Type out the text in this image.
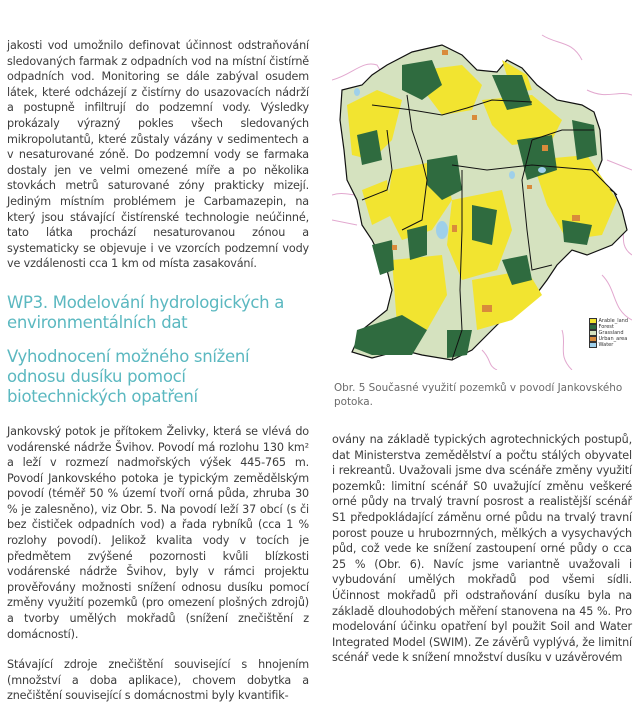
jakosti vod umožnilo definovat účinnost odstraňování sledovaných farmak z odpadních vod na místní čistírně odpadních vod. Monitoring se dále zabýval osudem látek, které odcházejí z čistírny do usazovacích nádrží a postupně infiltrují do podzemní vody. Výsledky prokázaly výrazný pokles všech sledovaných mikropolutantů, které zůstaly vázány v sedimentech a v nesaturované zóně. Do podzemní vody se farmaka dostaly jen ve velmi omezené míře a po několika stovkách metrů saturované zóny prakticky mizejí. Jediným místním problémem je Carbamazepin, na který jsou stávající čistírenské technologie neúčinné, tato látka prochází nesaturovanou zónou a systematicky se objevuje i ve vzorcích podzemní vody ve vzdálenosti cca 1 km od místa zasakování.

WP3. Modelování hydrologických a environmentálních dat
Vyhodnocení možného snížení odnosu dusíku pomocí biotechnických opatření

Jankovský potok je přítokem Želivky, která se vlévá do vodárenské nádrže Švihov. Povodí má rozlohu 130 km² a leží v rozmezí nadmořských výšek 445-765 m. Povodí Jankovského potoka je typickým zemědělským povodí (téměř 50 % území tvoří orná půda, zhruba 30 % je zalesněno), viz Obr. 5. Na povodí leží 37 obcí (s či bez čističek odpadních vod) a řada rybníků (cca 1 % rozlohy povodí). Jelikož kvalita vody v tocích je předmětem zvýšené pozornosti kvůli blízkosti vodárenské nádrže Švihov, byly v rámci projektu prověřovány možnosti snížení odnosu dusíku pomocí změny využití pozemků (pro omezení plošných zdrojů) a tvorby umělých mokřadů (snížení znečištění z domácností).

Stávající zdroje znečištění související s hnojením (množství a doba aplikace), chovem dobytka a znečištění související s domácnostmi byly kvantifik-

Arable_land
Forest
Grassland
Urban_area
Water
Obr. 5 Současné využití pozemků v povodí Jankovského potoka.

ovány na základě typických agrotechnických postupů, dat Ministerstva zemědělství a počtu stálých obyvatel i rekreantů. Uvažovali jsme dva scénáře změny využití pozemků: limitní scénář S0 uvažující změnu veškeré orné půdy na trvalý travní posrost a realistější scénář S1 předpokládající záměnu orné půdu na trvalý travní porost pouze u hrubozrnných, mělkých a vysychavých půd, což vede ke snížení zastoupení orné půdy o cca 25 % (Obr. 6). Navíc jsme variantně uvažovali i vybudování umělých mokřadů pod všemi sídli. Účinnost mokřadů při odstraňování dusíku byla na základě dlouhodobých měření stanovena na 45 %. Pro modelování účinku opatření byl použit Soil and Water Integrated Model (SWIM). Ze závěrů vyplývá, že limitní scénář vede k snížení množství dusíku v uzávěrovém
